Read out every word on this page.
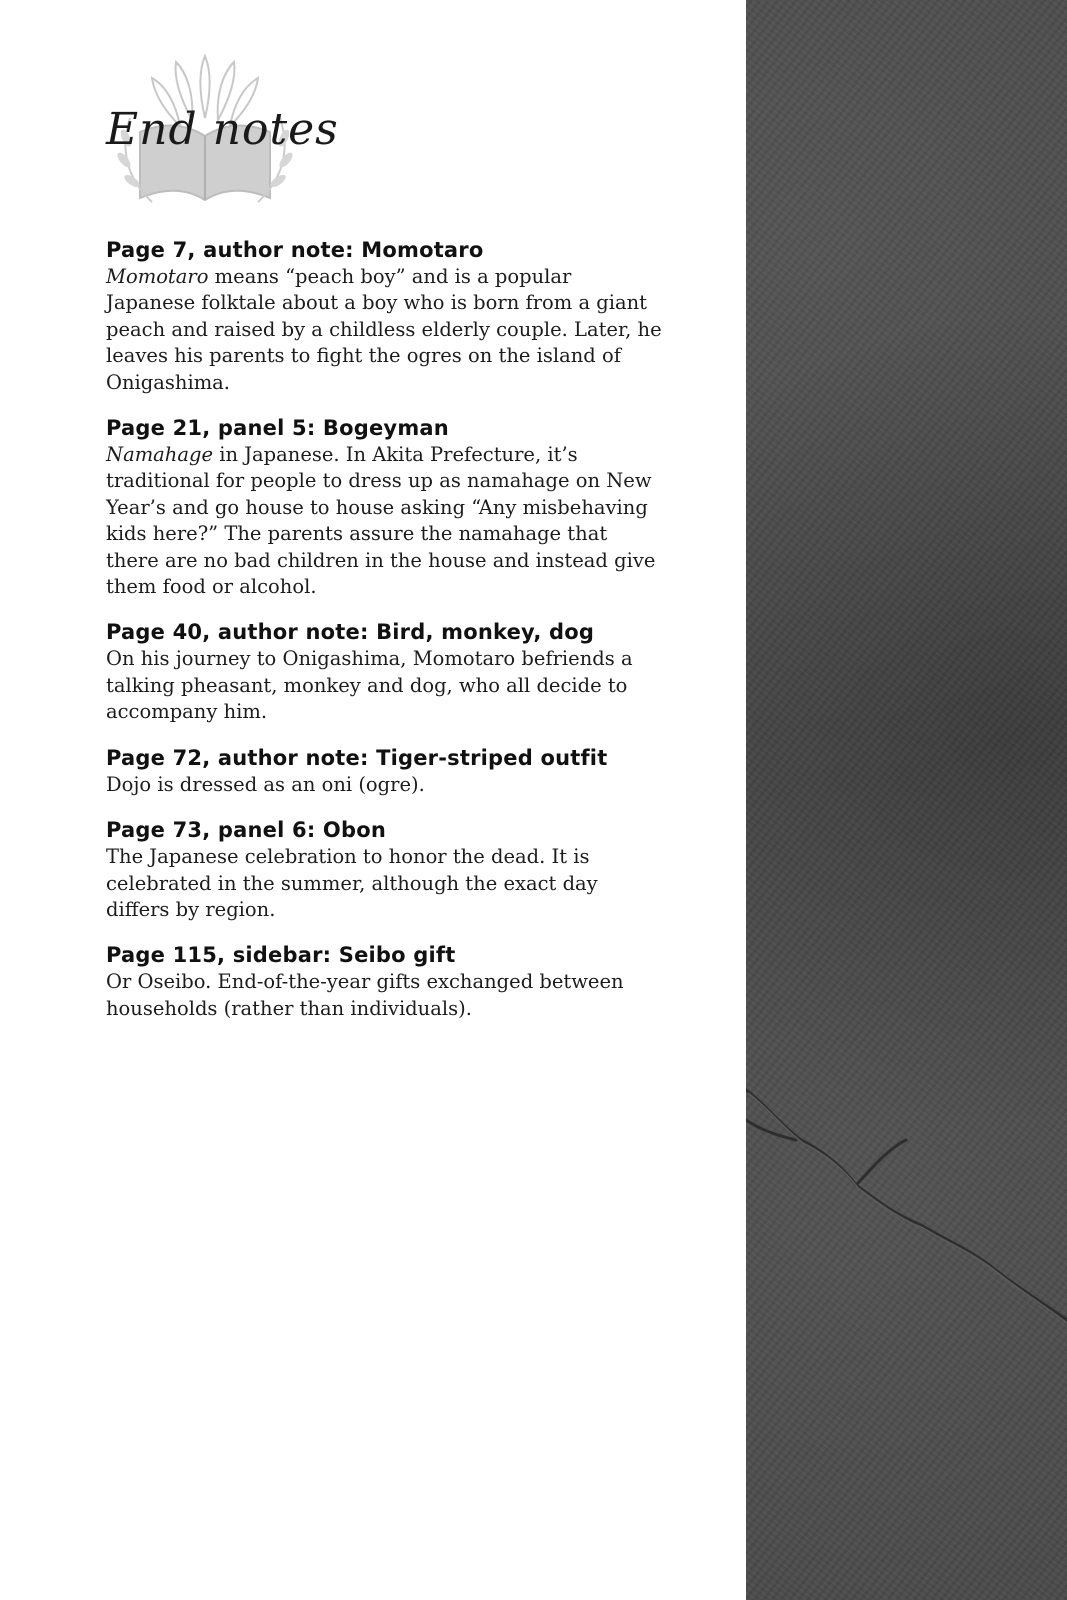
End notes
Page 7, author note: Momotaro
Momotaro means “peach boy” and is a popular Japanese folktale about a boy who is born from a giant peach and raised by a childless elderly couple. Later, he leaves his parents to fight the ogres on the island of Onigashima.
Page 21, panel 5: Bogeyman
Namahage in Japanese. In Akita Prefecture, it’s traditional for people to dress up as namahage on New Year’s and go house to house asking “Any misbehaving kids here?” The parents assure the namahage that there are no bad children in the house and instead give them food or alcohol.
Page 40, author note: Bird, monkey, dog
On his journey to Onigashima, Momotaro befriends a talking pheasant, monkey and dog, who all decide to accompany him.
Page 72, author note: Tiger-striped outfit
Dojo is dressed as an oni (ogre).
Page 73, panel 6: Obon
The Japanese celebration to honor the dead. It is celebrated in the summer, although the exact day differs by region.
Page 115, sidebar: Seibo gift
Or Oseibo. End-of-the-year gifts exchanged between households (rather than individuals).
